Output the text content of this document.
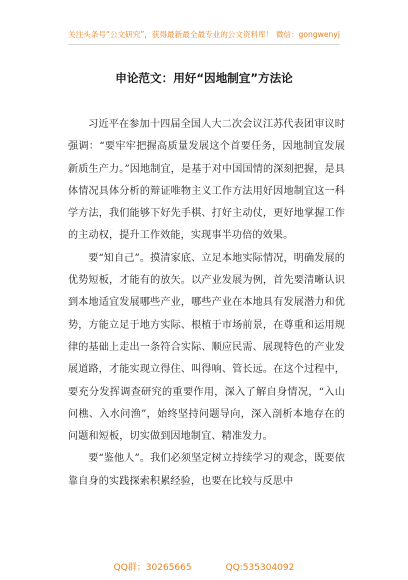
关注头条号“公文研究”，获得最新最全最专业的公文资料库！ 微信：gongwenyj
申论范文：用好“因地制宜”方法论

习近平在参加十四届全国人大二次会议江苏代表团审议时强调：“要牢牢把握高质量发展这个首要任务，因地制宜发展新质生产力。”因地制宜，是基于对中国国情的深刻把握，是具体情况具体分析的辩证唯物主义工作方法用好因地制宜这一科学方法，我们能够下好先手棋、打好主动仗，更好地掌握工作的主动权，提升工作效能，实现事半功倍的效果。

要“知自己”。摸清家底、立足本地实际情况，明确发展的优势短板，才能有的放矢。以产业发展为例，首先要清晰认识到本地适宜发展哪些产业，哪些产业在本地具有发展潜力和优势，方能立足于地方实际、根植于市场前景，在尊重和运用规律的基础上走出一条符合实际、顺应民需、展现特色的产业发展道路，才能实现立得住、叫得响、管长远。在这个过程中，要充分发挥调查研究的重要作用，深入了解自身情况，“入山问樵、入水问渔”，始终坚持问题导向，深入剖析本地存在的问题和短板，切实做到因地制宜、精准发力。

要“鉴他人”。我们必须坚定树立持续学习的观念，既要依靠自身的实践探索积累经验，也要在比较与反思中

QQ群：30265665	QQ:535304092
